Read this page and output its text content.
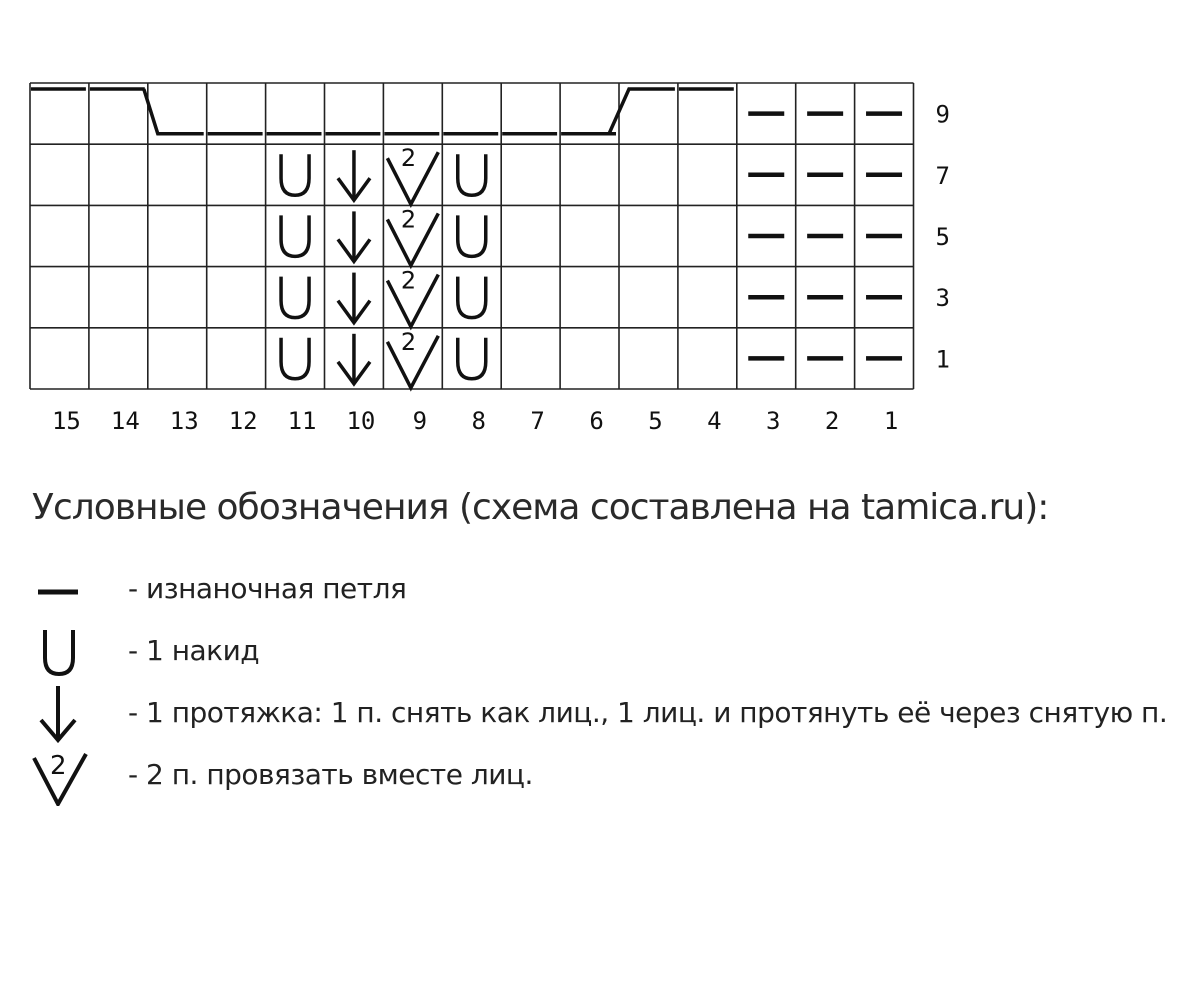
9
2
7
2
5
2
3
2
1
15 14 13 12 11 10 9 8 7 6 5 4 3 2 1
Условные обозначения (схема составлена на tamica.ru):
- изнаночная петля
- 1 накид
- 1 протяжка: 1 п. снять как лиц., 1 лиц. и протянуть её через снятую п.
2 - 2 п. провязать вместе лиц.
